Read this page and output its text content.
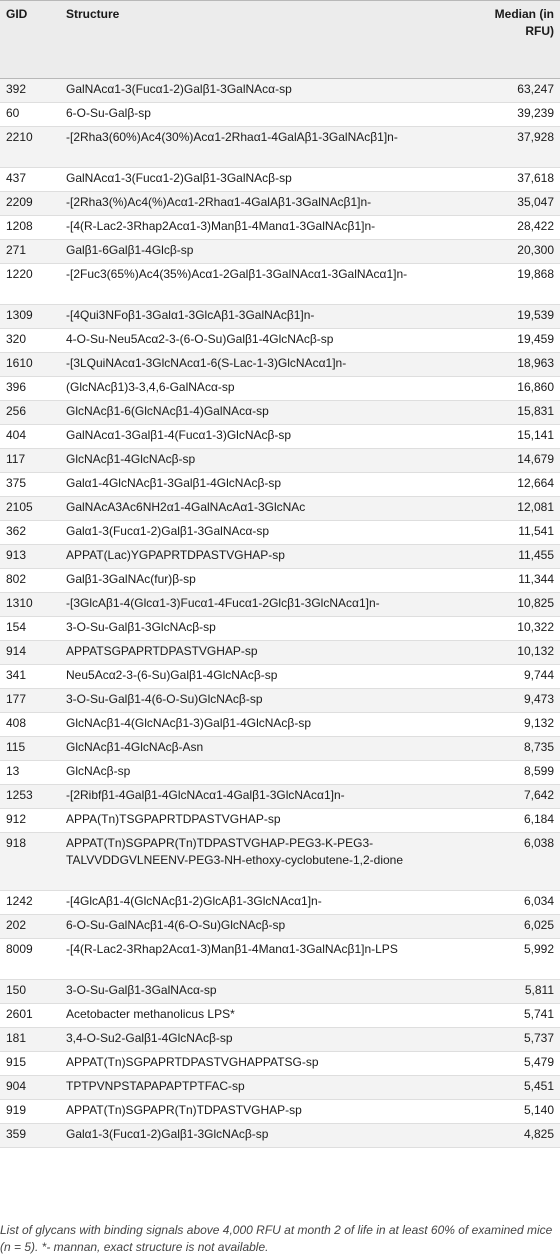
GID	Structure	Median (in RFU)
392	GalNAcα1-3(Fucα1-2)Galβ1-3GalNAcα-sp	63,247
60	6-O-Su-Galβ-sp	39,239
2210	-[2Rha3(60%)Ac4(30%)Acα1-2Rhaα1-4GalAβ1-3GalNAcβ1]n-	37,928
437	GalNAcα1-3(Fucα1-2)Galβ1-3GalNAcβ-sp	37,618
2209	-[2Rha3(%)Ac4(%)Acα1-2Rhaα1-4GalAβ1-3GalNAcβ1]n-	35,047
1208	-[4(R-Lac2-3Rhap2Acα1-3)Manβ1-4Manα1-3GalNAcβ1]n-	28,422
271	Galβ1-6Galβ1-4Glcβ-sp	20,300
1220	-[2Fuc3(65%)Ac4(35%)Acα1-2Galβ1-3GalNAcα1-3GalNAcα1]n-	19,868
1309	-[4Qui3NFoβ1-3Galα1-3GlcAβ1-3GalNAcβ1]n-	19,539
320	4-O-Su-Neu5Acα2-3-(6-O-Su)Galβ1-4GlcNAcβ-sp	19,459
1610	-[3LQuiNAcα1-3GlcNAcα1-6(S-Lac-1-3)GlcNAcα1]n-	18,963
396	(GlcNAcβ1)3-3,4,6-GalNAcα-sp	16,860
256	GlcNAcβ1-6(GlcNAcβ1-4)GalNAcα-sp	15,831
404	GalNAcα1-3Galβ1-4(Fucα1-3)GlcNAcβ-sp	15,141
117	GlcNAcβ1-4GlcNAcβ-sp	14,679
375	Galα1-4GlcNAcβ1-3Galβ1-4GlcNAcβ-sp	12,664
2105	GalNAcA3Ac6NH2α1-4GalNAcAα1-3GlcNAc	12,081
362	Galα1-3(Fucα1-2)Galβ1-3GalNAcα-sp	11,541
913	APPAT(Lac)YGPAPRTDPASTVGHAP-sp	11,455
802	Galβ1-3GalNAc(fur)β-sp	11,344
1310	-[3GlcAβ1-4(Glcα1-3)Fucα1-4Fucα1-2Glcβ1-3GlcNAcα1]n-	10,825
154	3-O-Su-Galβ1-3GlcNAcβ-sp	10,322
914	APPATSGPAPRTDPASTVGHAP-sp	10,132
341	Neu5Acα2-3-(6-Su)Galβ1-4GlcNAcβ-sp	9,744
177	3-O-Su-Galβ1-4(6-O-Su)GlcNAcβ-sp	9,473
408	GlcNAcβ1-4(GlcNAcβ1-3)Galβ1-4GlcNAcβ-sp	9,132
115	GlcNAcβ1-4GlcNAcβ-Asn	8,735
13	GlcNAcβ-sp	8,599
1253	-[2Ribfβ1-4Galβ1-4GlcNAcα1-4Galβ1-3GlcNAcα1]n-	7,642
912	APPA(Tn)TSGPAPRTDPASTVGHAP-sp	6,184
918	APPAT(Tn)SGPAPR(Tn)TDPASTVGHAP-PEG3-K-PEG3-TALVVDDGVLNEENV-PEG3-NH-ethoxy-cyclobutene-1,2-dione	6,038
1242	-[4GlcAβ1-4(GlcNAcβ1-2)GlcAβ1-3GlcNAcα1]n-	6,034
202	6-O-Su-GalNAcβ1-4(6-O-Su)GlcNAcβ-sp	6,025
8009	-[4(R-Lac2-3Rhap2Acα1-3)Manβ1-4Manα1-3GalNAcβ1]n-LPS	5,992
150	3-O-Su-Galβ1-3GalNAcα-sp	5,811
2601	Acetobacter methanolicus LPS*	5,741
181	3,4-O-Su2-Galβ1-4GlcNAcβ-sp	5,737
915	APPAT(Tn)SGPAPRTDPASTVGHAPPATSG-sp	5,479
904	TPTPVNPSTAPAPAPTPTFAC-sp	5,451
919	APPAT(Tn)SGPAPR(Tn)TDPASTVGHAP-sp	5,140
359	Galα1-3(Fucα1-2)Galβ1-3GlcNAcβ-sp	4,825
List of glycans with binding signals above 4,000 RFU at month 2 of life in at least 60% of examined mice (n = 5). *- mannan, exact structure is not available.
